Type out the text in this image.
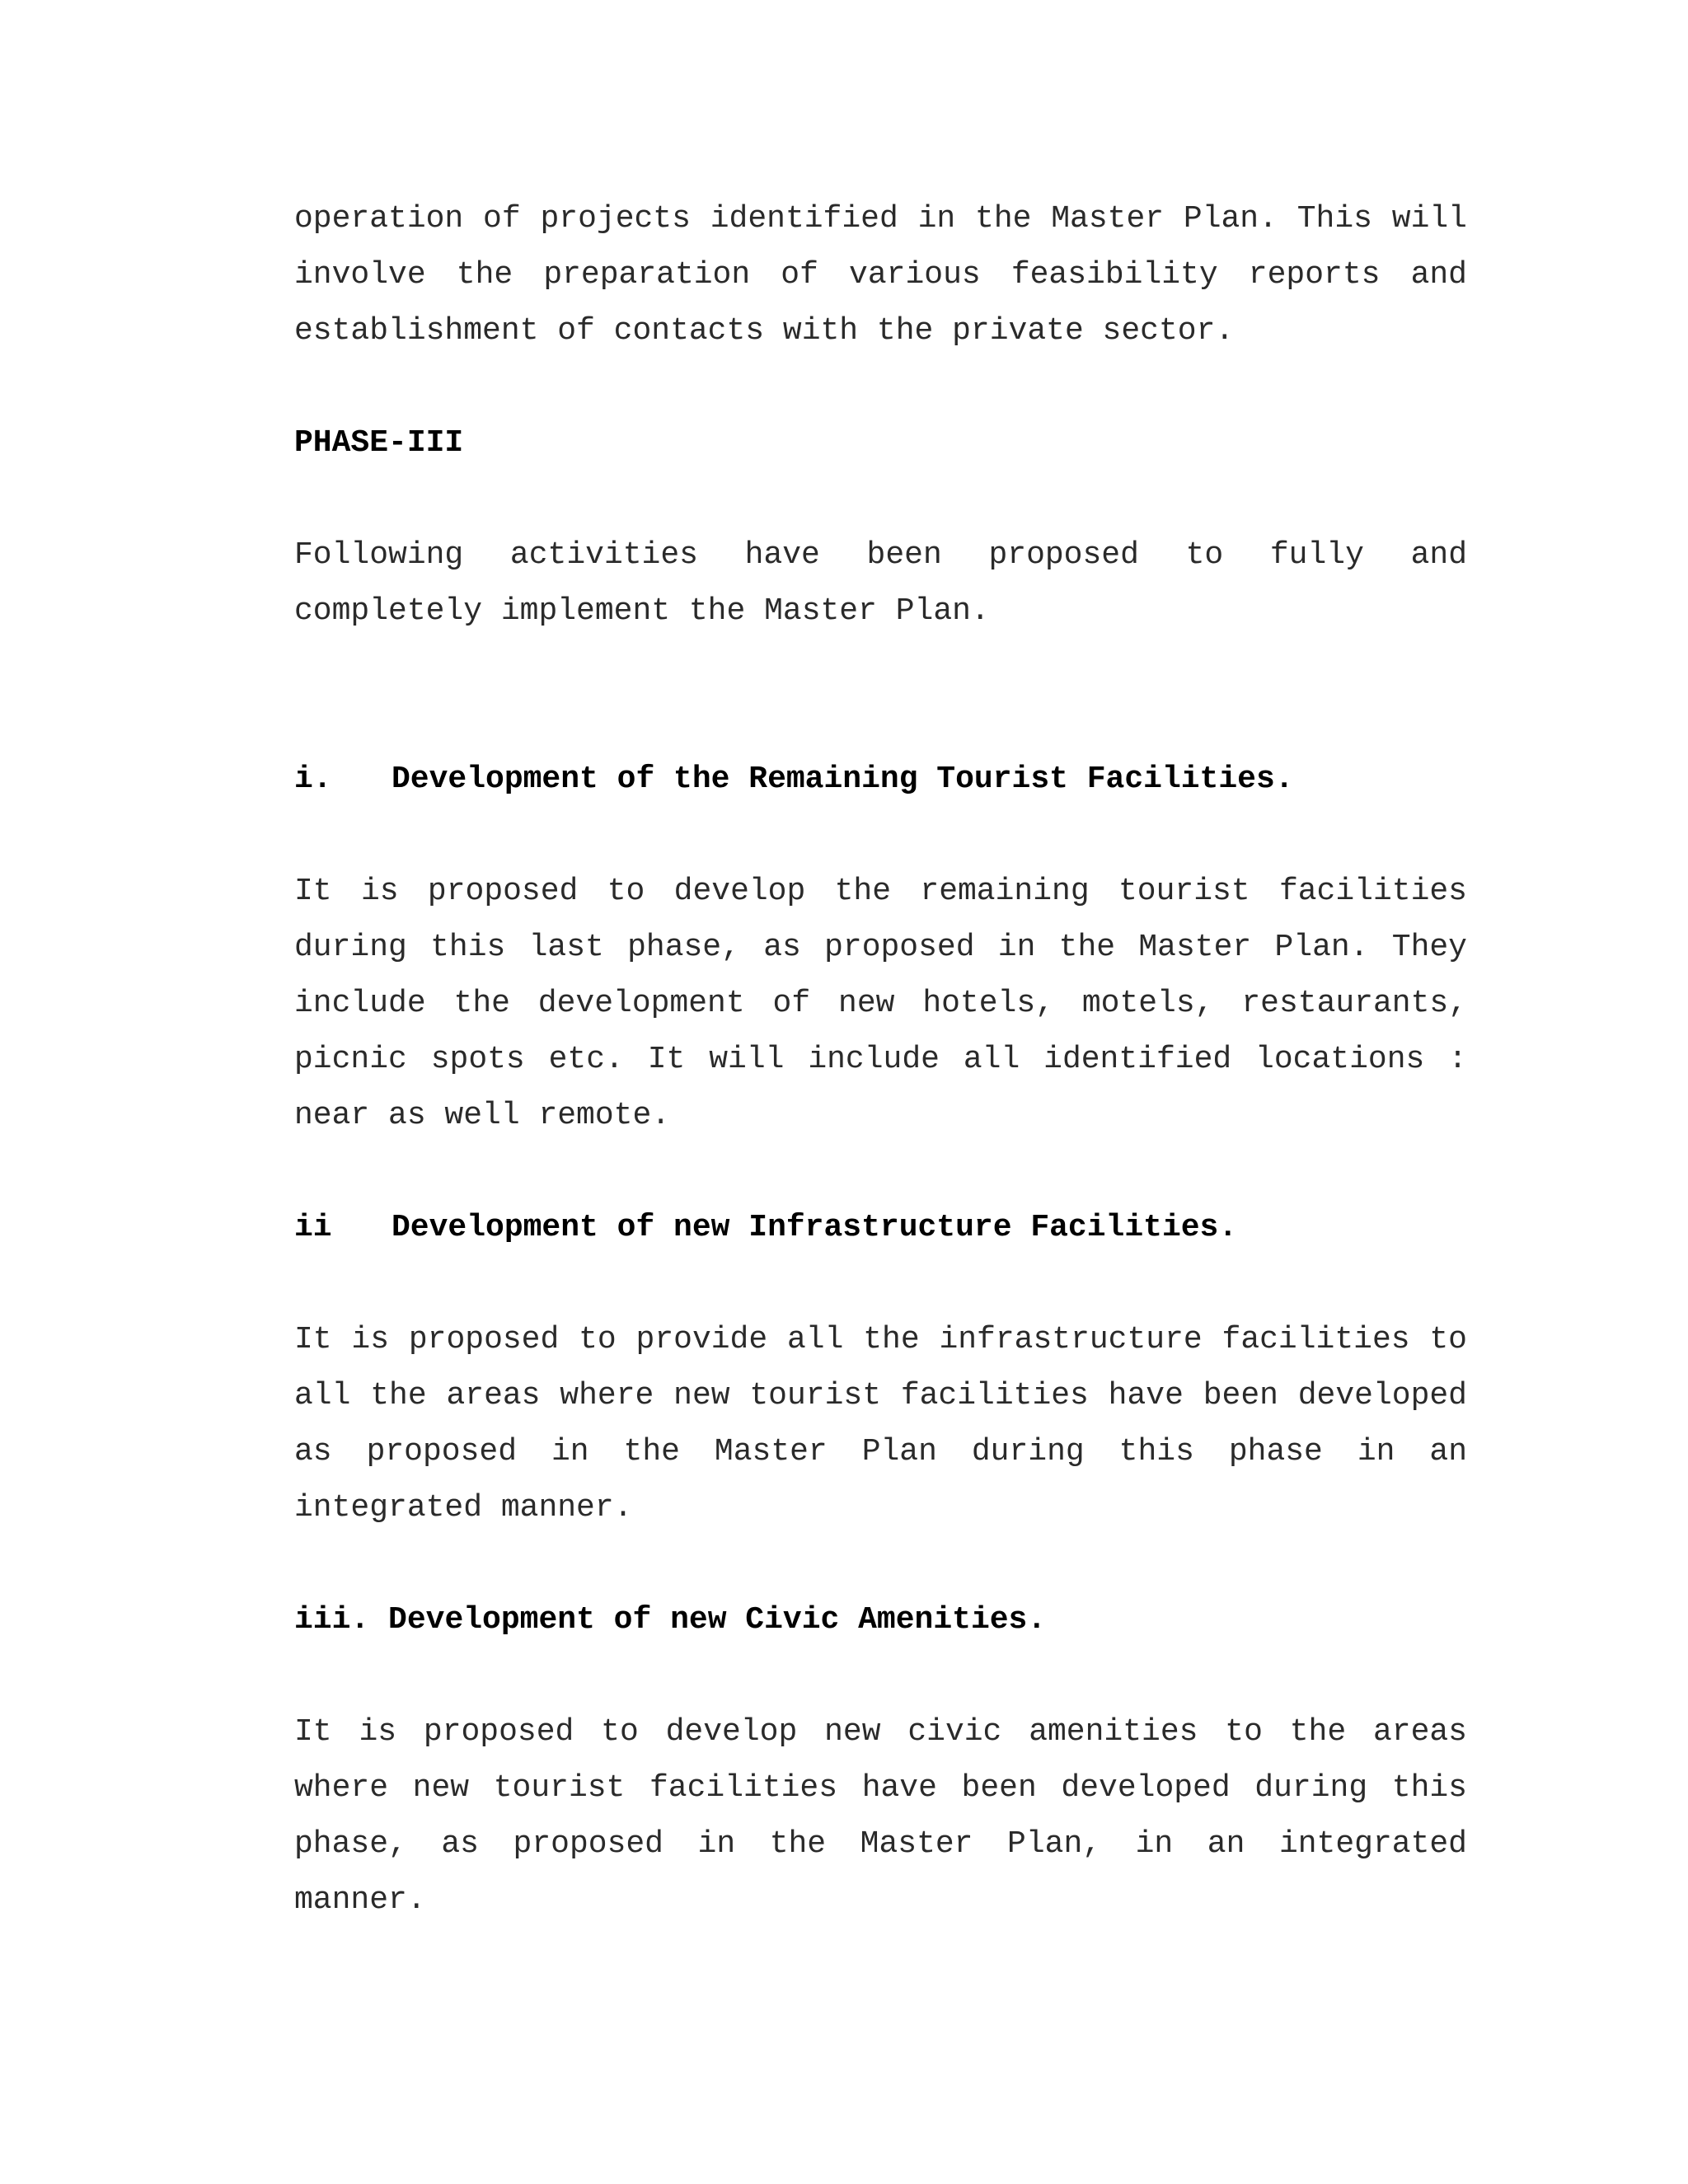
operation of projects identified in the Master Plan. This will involve the preparation of various feasibility reports and establishment of contacts with the private sector.

PHASE-III

Following activities have been proposed to fully and completely implement the Master Plan.

i. Development of the Remaining Tourist Facilities.

It is proposed to develop the remaining tourist facilities during this last phase, as proposed in the Master Plan. They include the development of new hotels, motels, restaurants, picnic spots etc. It will include all identified locations : near as well remote.

ii Development of new Infrastructure Facilities.

It is proposed to provide all the infrastructure facilities to all the areas where new tourist facilities have been developed as proposed in the Master Plan during this phase in an integrated manner.

iii. Development of new Civic Amenities.

It is proposed to develop new civic amenities to the areas where new tourist facilities have been developed during this phase, as proposed in the Master Plan, in an integrated manner.
